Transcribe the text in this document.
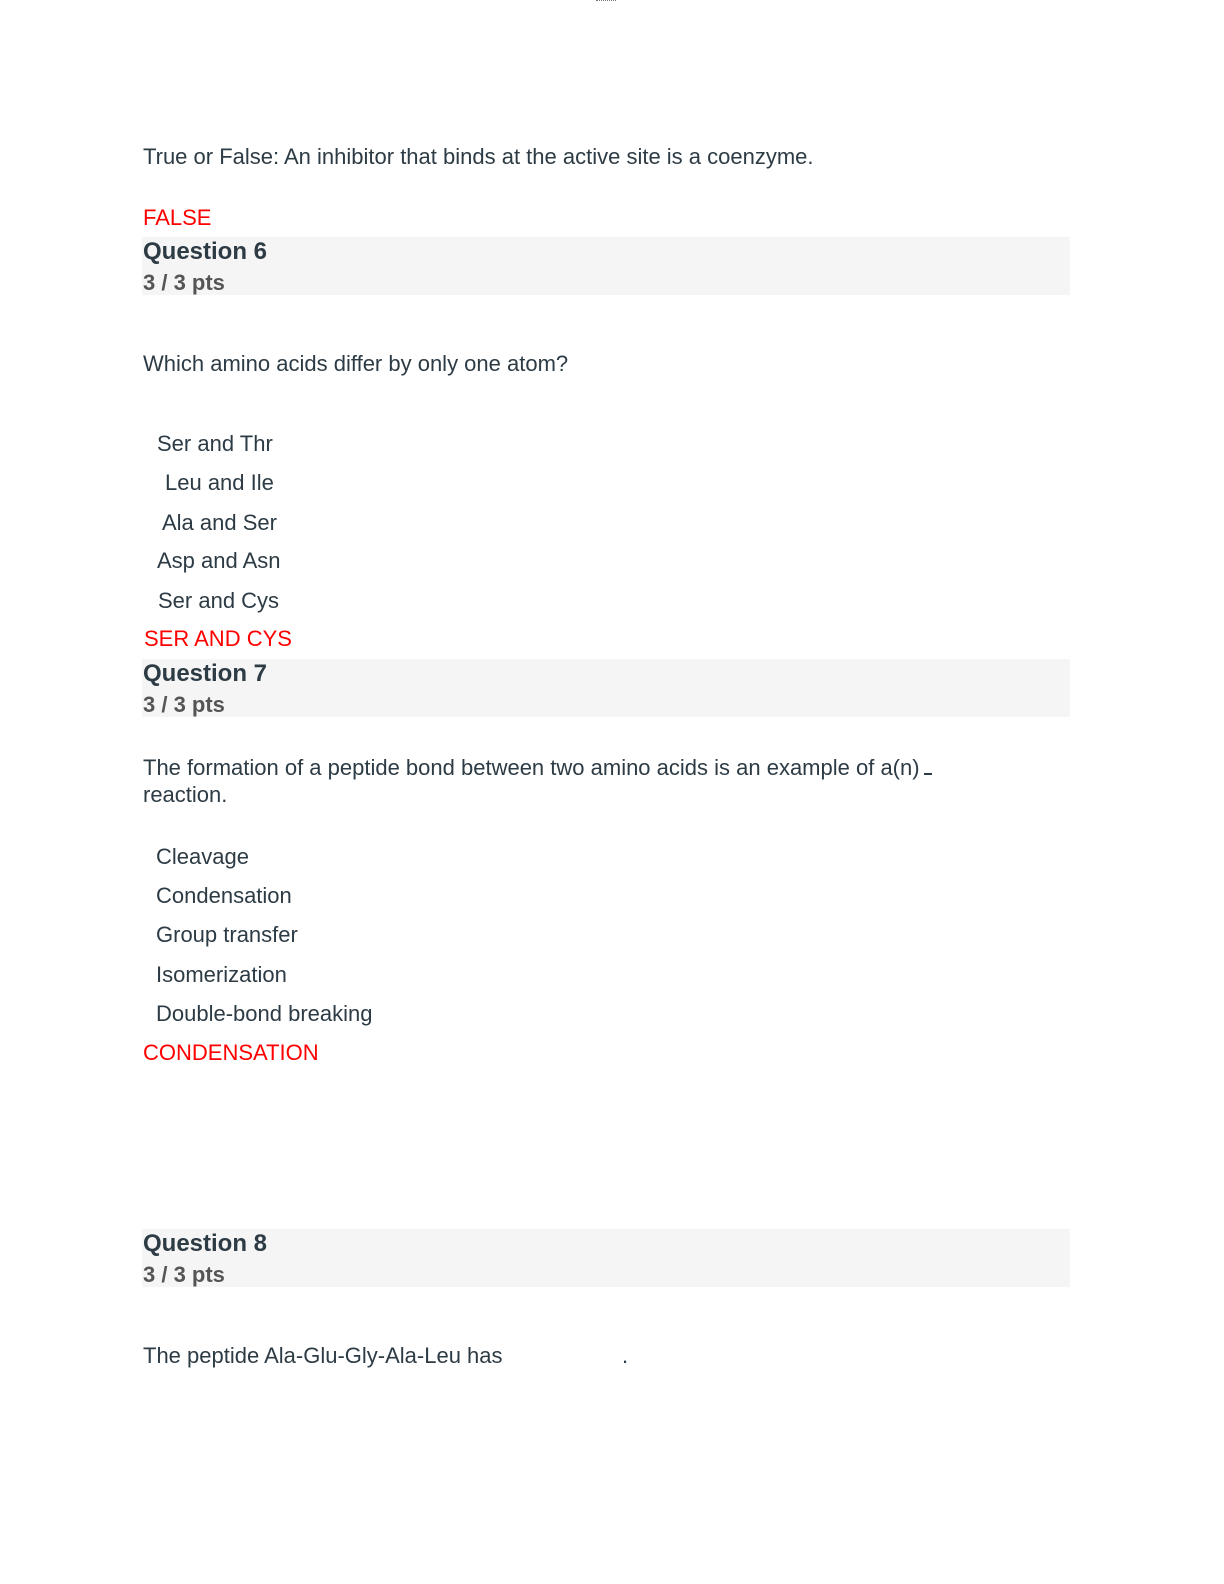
True or False: An inhibitor that binds at the active site is a coenzyme.
FALSE
Question 6
3 / 3 pts
Which amino acids differ by only one atom?
Ser and Thr
Leu and Ile
Ala and Ser
Asp and Asn
Ser and Cys
SER AND CYS
Question 7
3 / 3 pts
The formation of a peptide bond between two amino acids is an example of a(n)
reaction.
Cleavage
Condensation
Group transfer
Isomerization
Double-bond breaking
CONDENSATION
Question 8
3 / 3 pts
The peptide Ala-Glu-Gly-Ala-Leu has	.
